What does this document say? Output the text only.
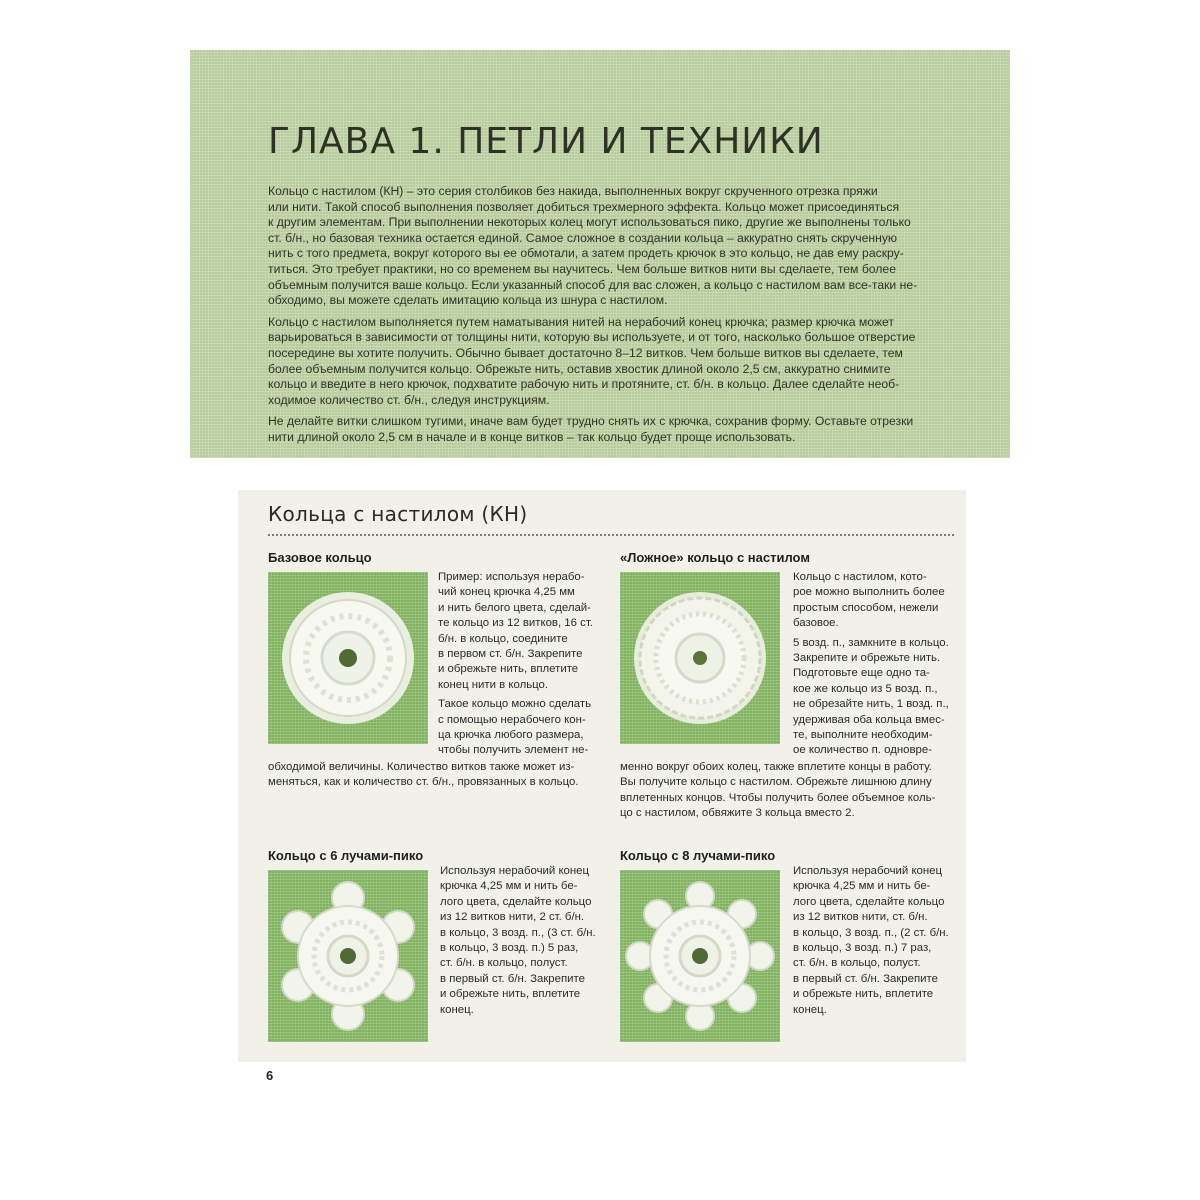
ГЛАВА 1. ПЕТЛИ И ТЕХНИКИ

Кольцо с настилом (КН) – это серия столбиков без накида, выполненных вокруг скрученного отрезка пряжи
или нити. Такой способ выполнения позволяет добиться трехмерного эффекта. Кольцо может присоединяться
к другим элементам. При выполнении некоторых колец могут использоваться пико, другие же выполнены только
ст. б/н., но базовая техника остается единой. Самое сложное в создании кольца – аккуратно снять скрученную
нить с того предмета, вокруг которого вы ее обмотали, а затем продеть крючок в это кольцо, не дав ему раскру-
титься. Это требует практики, но со временем вы научитесь. Чем больше витков нити вы сделаете, тем более
объемным получится ваше кольцо. Если указанный способ для вас сложен, а кольцо с настилом вам все-таки не-
обходимо, вы можете сделать имитацию кольца из шнура с настилом.

Кольцо с настилом выполняется путем наматывания нитей на нерабочий конец крючка; размер крючка может
варьироваться в зависимости от толщины нити, которую вы используете, и от того, насколько большое отверстие
посередине вы хотите получить. Обычно бывает достаточно 8–12 витков. Чем больше витков вы сделаете, тем
более объемным получится кольцо. Обрежьте нить, оставив хвостик длиной около 2,5 см, аккуратно снимите
кольцо и введите в него крючок, подхватите рабочую нить и протяните, ст. б/н. в кольцо. Далее сделайте необ-
ходимое количество ст. б/н., следуя инструкциям.

Не делайте витки слишком тугими, иначе вам будет трудно снять их с крючка, сохранив форму. Оставьте отрезки
нити длиной около 2,5 см в начале и в конце витков – так кольцо будет проще использовать.

Кольца с настилом (КН)
Базовое кольцо

Пример: используя нерабо-
чий конец крючка 4,25 мм
и нить белого цвета, сделай-
те кольцо из 12 витков, 16 ст.
б/н. в кольцо, соедините
в первом ст. б/н. Закрепите
и обрежьте нить, вплетите
конец нити в кольцо.

Такое кольцо можно сделать
с помощью нерабочего кон-
ца крючка любого размера,
чтобы получить элемент не-

обходимой величины. Количество витков также может из-
меняться, как и количество ст. б/н., провязанных в кольцо.

«Ложное» кольцо с настилом

Кольцо с настилом, кото-
рое можно выполнить более
простым способом, нежели
базовое.

5 возд. п., замкните в кольцо.
Закрепите и обрежьте нить.
Подготовьте еще одно та-
кое же кольцо из 5 возд. п.,
не обрезайте нить, 1 возд. п.,
удерживая оба кольца вмес-
те, выполните необходим-
ое количество п. одновре-

менно вокруг обоих колец, также вплетите концы в работу.
Вы получите кольцо с настилом. Обрежьте лишнюю длину
вплетенных концов. Чтобы получить более объемное коль-
цо с настилом, обвяжите 3 кольца вместо 2.

Кольцо с 6 лучами-пико

Используя нерабочий конец
крючка 4,25 мм и нить бе-
лого цвета, сделайте кольцо
из 12 витков нити, 2 ст. б/н.
в кольцо, 3 возд. п., (3 ст. б/н.
в кольцо, 3 возд. п.) 5 раз,
ст. б/н. в кольцо, полуст.
в первый ст. б/н. Закрепите
и обрежьте нить, вплетите
конец.

Кольцо с 8 лучами-пико

Используя нерабочий конец
крючка 4,25 мм и нить бе-
лого цвета, сделайте кольцо
из 12 витков нити, ст. б/н.
в кольцо, 3 возд. п., (2 ст. б/н.
в кольцо, 3 возд. п.) 7 раз,
ст. б/н. в кольцо, полуст.
в первый ст. б/н. Закрепите
и обрежьте нить, вплетите
конец.

6
